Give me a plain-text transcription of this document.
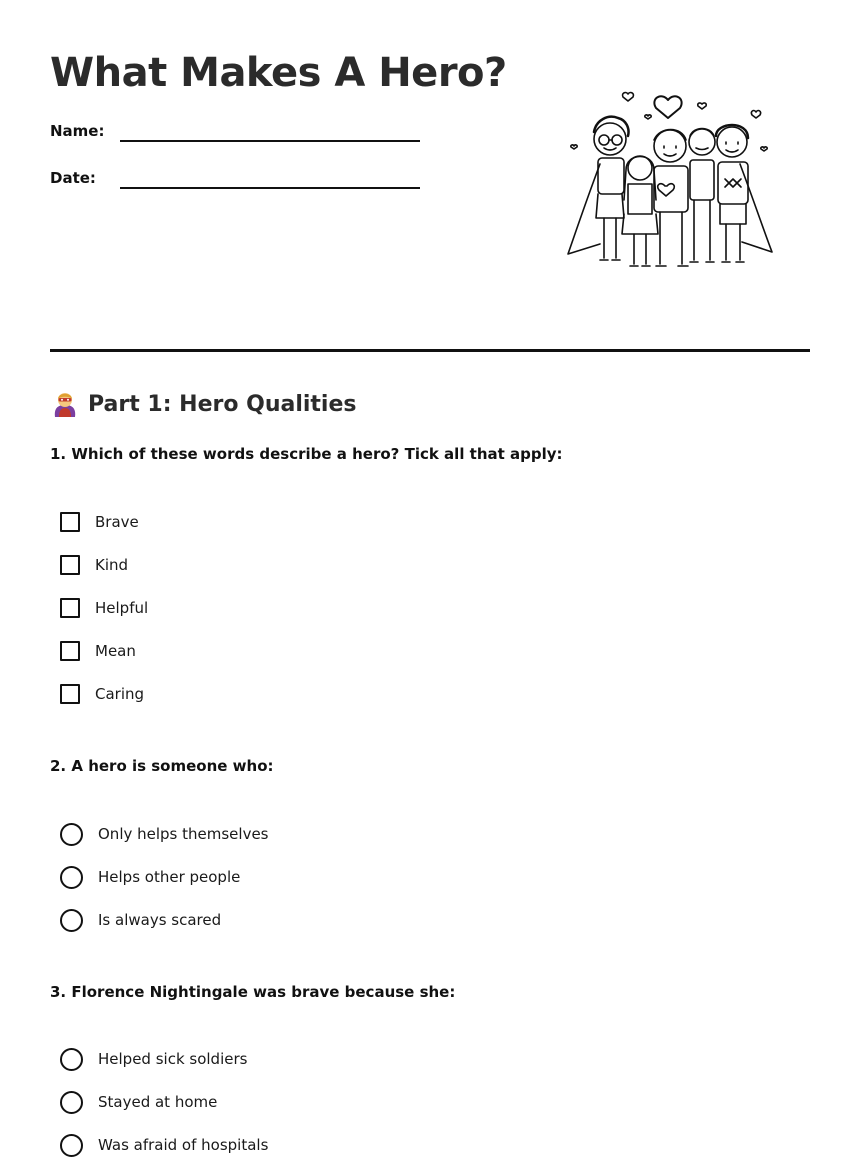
What Makes A Hero?
Name:
Date:
Part 1: Hero Qualities

1. Which of these words describe a hero? Tick all that apply:

Brave
Kind
Helpful
Mean
Caring

2. A hero is someone who:

Only helps themselves
Helps other people
Is always scared

3. Florence Nightingale was brave because she:

Helped sick soldiers
Stayed at home
Was afraid of hospitals
